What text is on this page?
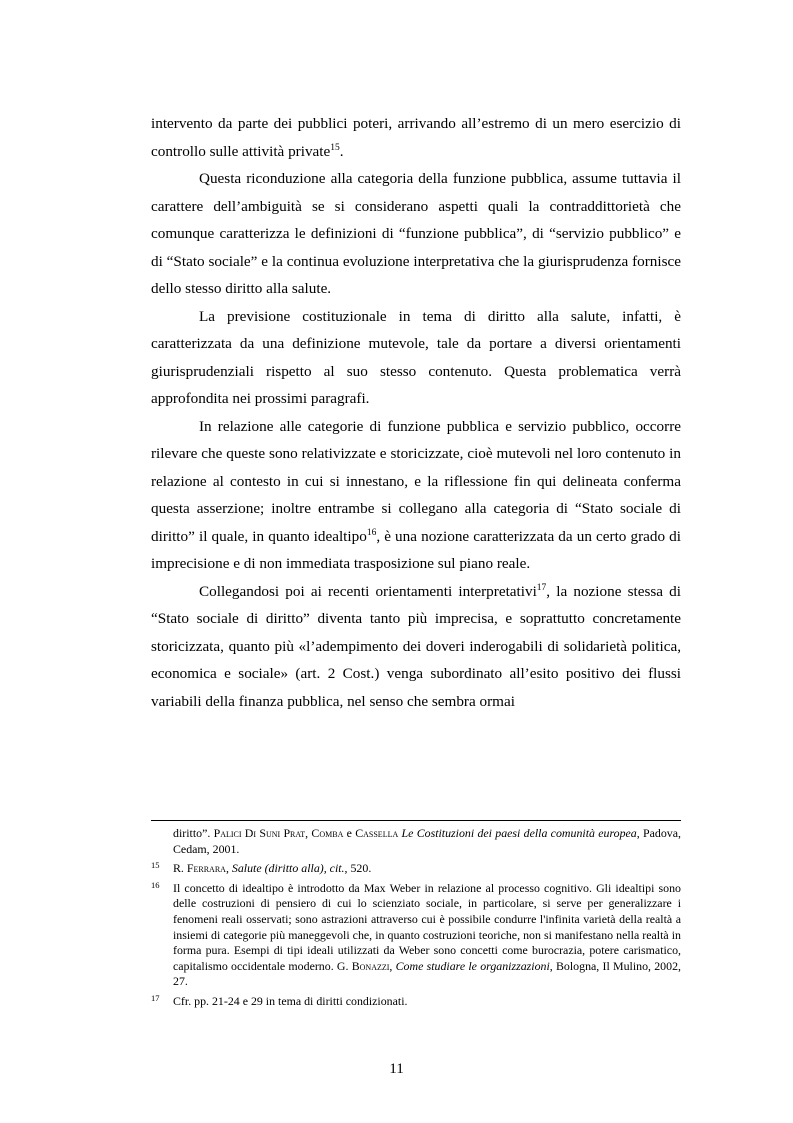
intervento da parte dei pubblici poteri, arrivando all’estremo di un mero esercizio di controllo sulle attività private$^{15}$.

Questa riconduzione alla categoria della funzione pubblica, assume tuttavia il carattere dell’ambiguità se si considerano aspetti quali la contraddittorietà che comunque caratterizza le definizioni di “funzione pubblica”, di “servizio pubblico” e di “Stato sociale” e la continua evoluzione interpretativa che la giurisprudenza fornisce dello stesso diritto alla salute.

La previsione costituzionale in tema di diritto alla salute, infatti, è caratterizzata da una definizione mutevole, tale da portare a diversi orientamenti giurisprudenziali rispetto al suo stesso contenuto. Questa problematica verrà approfondita nei prossimi paragrafi.

In relazione alle categorie di funzione pubblica e servizio pubblico, occorre rilevare che queste sono relativizzate e storicizzate, cioè mutevoli nel loro contenuto in relazione al contesto in cui si innestano, e la riflessione fin qui delineata conferma questa asserzione; inoltre entrambe si collegano alla categoria di “Stato sociale di diritto” il quale, in quanto idealtipo$^{16}$, è una nozione caratterizzata da un certo grado di imprecisione e di non immediata trasposizione sul piano reale.

Collegandosi poi ai recenti orientamenti interpretativi$^{17}$, la nozione stessa di “Stato sociale di diritto” diventa tanto più imprecisa, e soprattutto concretamente storicizzata, quanto più «l’adempimento dei doveri inderogabili di solidarietà politica, economica e sociale» (art. 2 Cost.) venga subordinato all’esito positivo dei flussi variabili della finanza pubblica, nel senso che sembra ormai

diritto”. Palici Di Suni Prat, Comba e Cassella Le Costituzioni dei paesi della comunità europea, Padova, Cedam, 2001.
15 R. Ferrara, Salute (diritto alla), cit., 520.
16 Il concetto di idealtipo è introdotto da Max Weber in relazione al processo cognitivo. Gli idealtipi sono delle costruzioni di pensiero di cui lo scienziato sociale, in particolare, si serve per generalizzare i fenomeni reali osservati; sono astrazioni attraverso cui è possibile condurre l'infinita varietà della realtà a insiemi di categorie più maneggevoli che, in quanto costruzioni teoriche, non si manifestano nella realtà in forma pura. Esempi di tipi ideali utilizzati da Weber sono concetti come burocrazia, potere carismatico, capitalismo occidentale moderno. G. Bonazzi, Come studiare le organizzazioni, Bologna, Il Mulino, 2002, 27.
17 Cfr. pp. 21-24 e 29 in tema di diritti condizionati.
11
